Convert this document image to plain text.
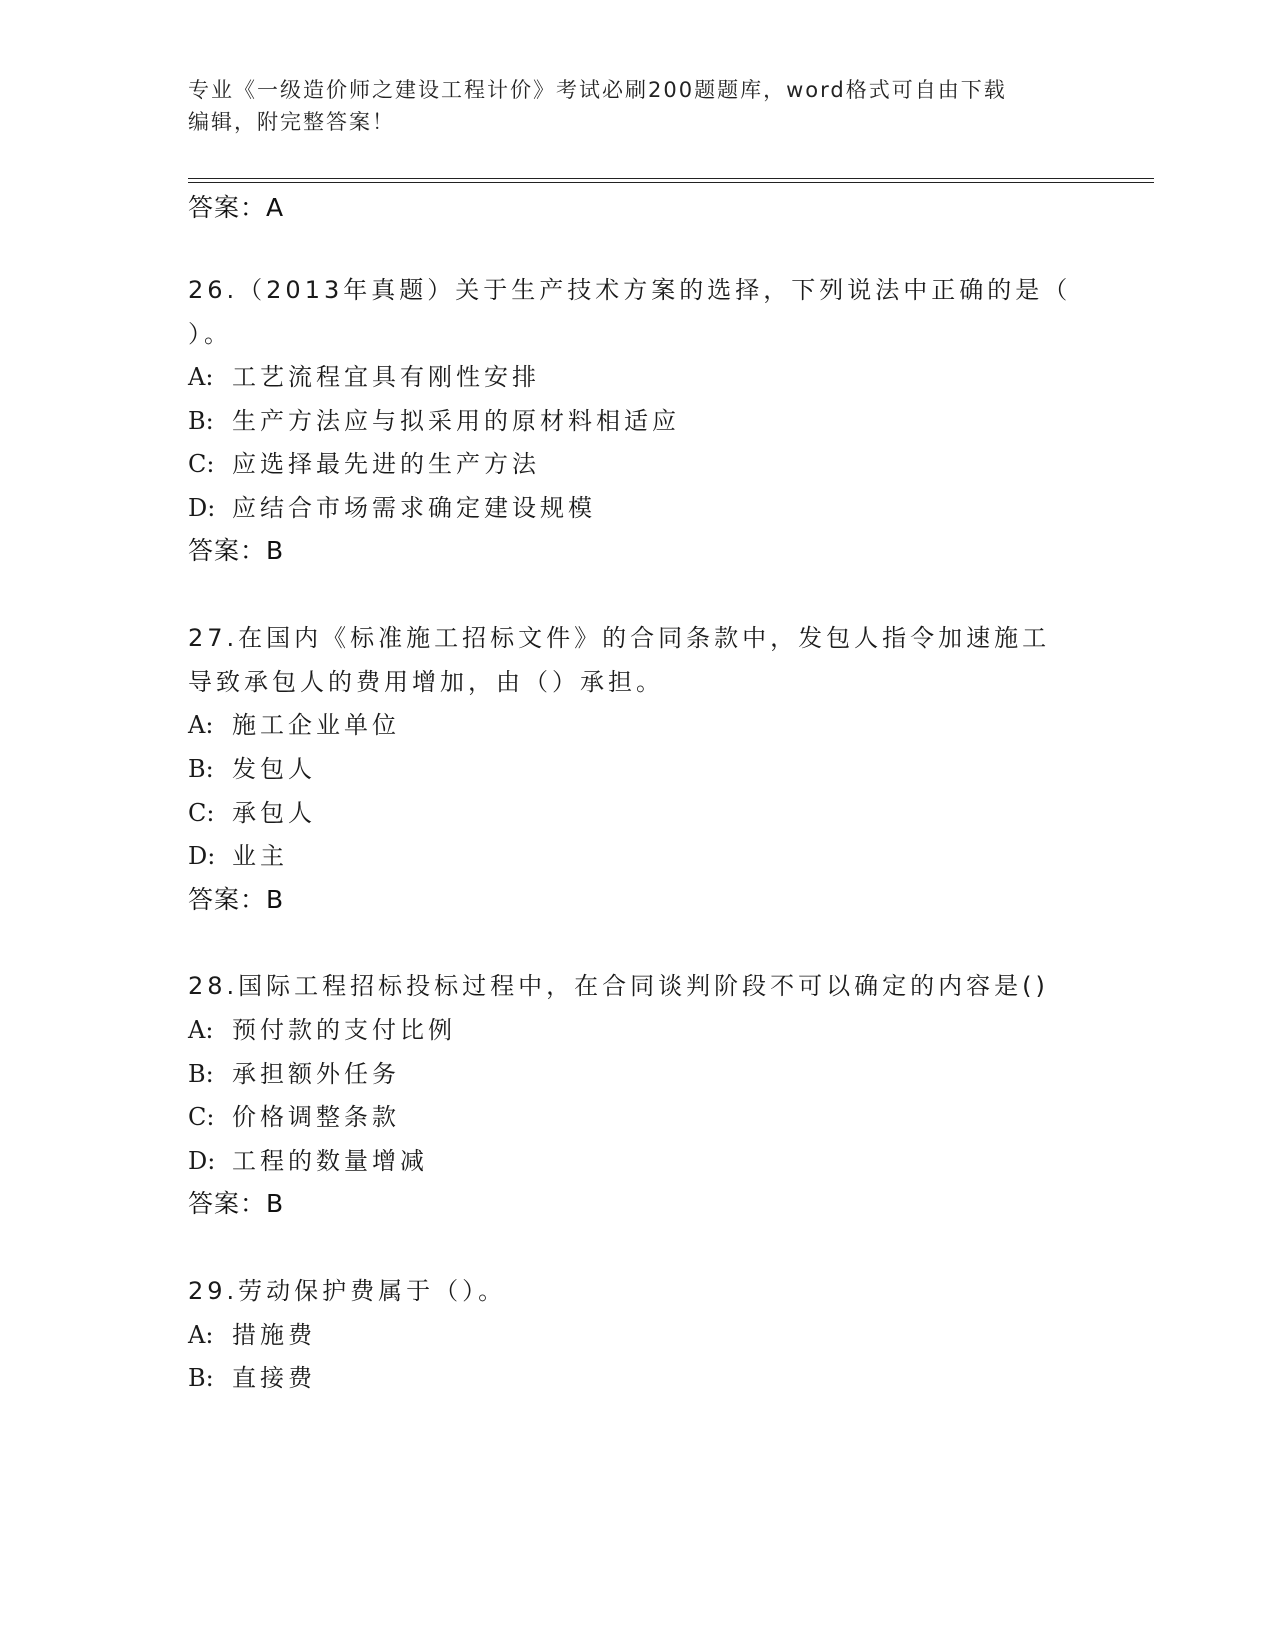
专业《一级造价师之建设工程计价》考试必刷200题题库，word格式可自由下载
编辑，附完整答案！
答案：A
26.（2013年真题）关于生产技术方案的选择，下列说法中正确的是（
）。
A: 工艺流程宜具有刚性安排
B: 生产方法应与拟采用的原材料相适应
C: 应选择最先进的生产方法
D: 应结合市场需求确定建设规模
答案：B
27.在国内《标准施工招标文件》的合同条款中，发包人指令加速施工
导致承包人的费用增加，由（）承担。
A: 施工企业单位
B: 发包人
C: 承包人
D: 业主
答案：B
28.国际工程招标投标过程中，在合同谈判阶段不可以确定的内容是()
A: 预付款的支付比例
B: 承担额外任务
C: 价格调整条款
D: 工程的数量增减
答案：B
29.劳动保护费属于（）。
A: 措施费
B: 直接费
